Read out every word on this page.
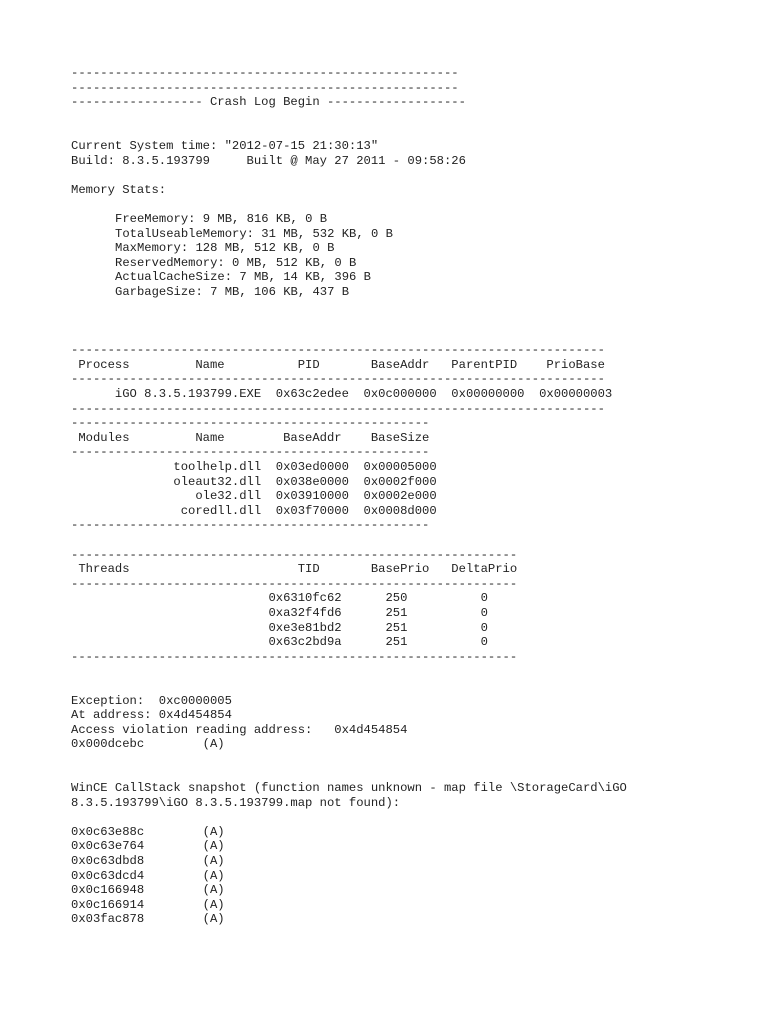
-----------------------------------------------------
-----------------------------------------------------
------------------ Crash Log Begin -------------------
Current System time: "2012-07-15 21:30:13"
Build: 8.3.5.193799     Built @ May 27 2011 - 09:58:26
Memory Stats:
FreeMemory: 9 MB, 816 KB, 0 B
TotalUseableMemory: 31 MB, 532 KB, 0 B
MaxMemory: 128 MB, 512 KB, 0 B
ReservedMemory: 0 MB, 512 KB, 0 B
ActualCacheSize: 7 MB, 14 KB, 396 B
GarbageSize: 7 MB, 106 KB, 437 B
-------------------------------------------------------------------------
Process         Name          PID       BaseAddr   ParentPID    PrioBase
-------------------------------------------------------------------------
iGO 8.3.5.193799.EXE  0x63c2edee  0x0c000000  0x00000000  0x00000003
-------------------------------------------------------------------------
-------------------------------------------------
Modules         Name        BaseAddr    BaseSize
-------------------------------------------------
toolhelp.dll  0x03ed0000  0x00005000
oleaut32.dll  0x038e0000  0x0002f000
ole32.dll  0x03910000  0x0002e000
coredll.dll  0x03f70000  0x0008d000
-------------------------------------------------
-------------------------------------------------------------
Threads                       TID       BasePrio   DeltaPrio
-------------------------------------------------------------
0x6310fc62      250          0
0xa32f4fd6      251          0
0xe3e81bd2      251          0
0x63c2bd9a      251          0
-------------------------------------------------------------
Exception:  0xc0000005
At address: 0x4d454854
Access violation reading address:   0x4d454854
0x000dcebc        (A)
WinCE CallStack snapshot (function names unknown - map file \StorageCard\iGO
8.3.5.193799\iGO 8.3.5.193799.map not found):
0x0c63e88c        (A)
0x0c63e764        (A)
0x0c63dbd8        (A)
0x0c63dcd4        (A)
0x0c166948        (A)
0x0c166914        (A)
0x03fac878        (A)
